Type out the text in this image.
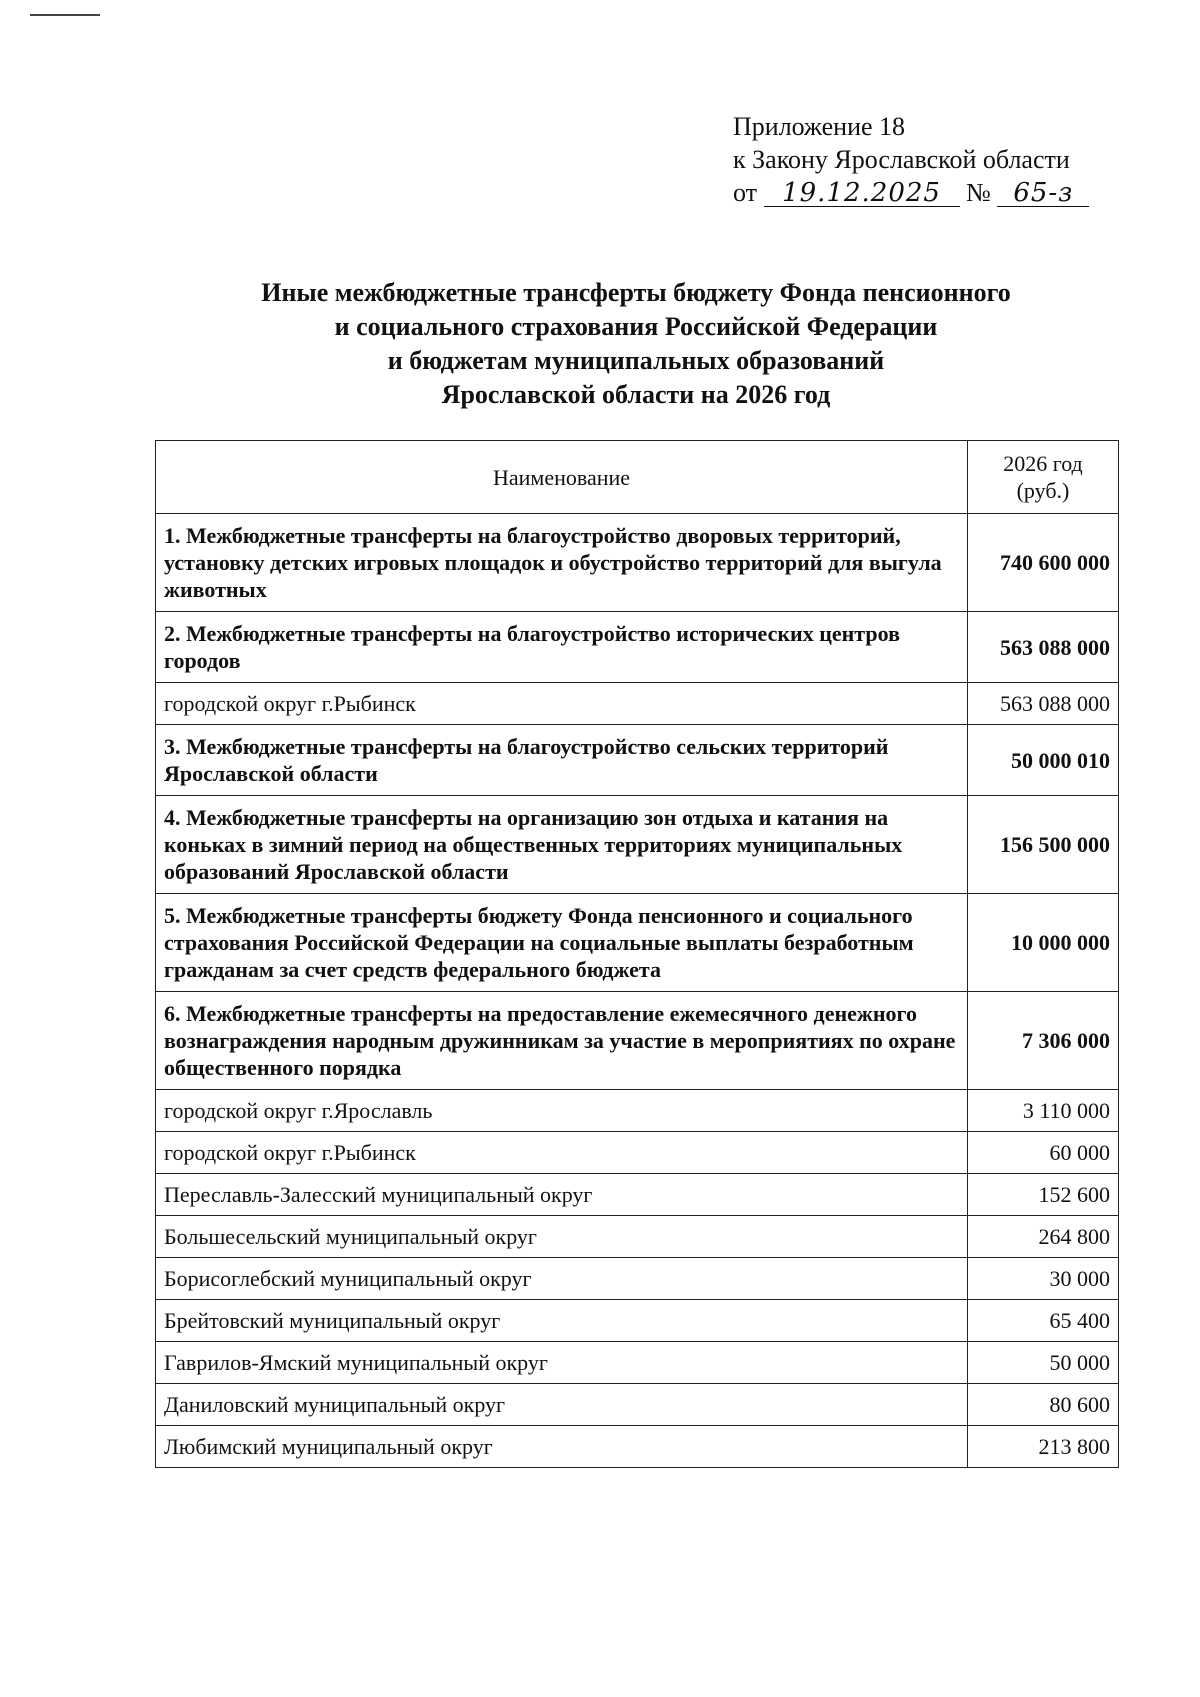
Приложение 18
к Закону Ярославской области
от 19.12.2025 № 65-з
Иные межбюджетные трансферты бюджету Фонда пенсионного
и социального страхования Российской Федерации
и бюджетам муниципальных образований
Ярославской области на 2026 год
Наименование	2026 год
(руб.)

1. Межбюджетные трансферты на благоустройство дворовых территорий, установку детских игровых площадок и обустройство территорий для выгула животных	740 600 000
2. Межбюджетные трансферты на благоустройство исторических центров городов	563 088 000
городской округ г.Рыбинск	563 088 000
3. Межбюджетные трансферты на благоустройство сельских территорий Ярославской области	50 000 010
4. Межбюджетные трансферты на организацию зон отдыха и катания на коньках в зимний период на общественных территориях муниципальных образований Ярославской области	156 500 000
5. Межбюджетные трансферты бюджету Фонда пенсионного и социального страхования Российской Федерации на социальные выплаты безработным гражданам за счет средств федерального бюджета	10 000 000
6. Межбюджетные трансферты на предоставление ежемесячного денежного вознаграждения народным дружинникам за участие в мероприятиях по охране общественного порядка	7 306 000
городской округ г.Ярославль	3 110 000
городской округ г.Рыбинск	60 000
Переславль-Залесский муниципальный округ	152 600
Большесельский муниципальный округ	264 800
Борисоглебский муниципальный округ	30 000
Брейтовский муниципальный округ	65 400
Гаврилов-Ямский муниципальный округ	50 000
Даниловский муниципальный округ	80 600
Любимский муниципальный округ	213 800
